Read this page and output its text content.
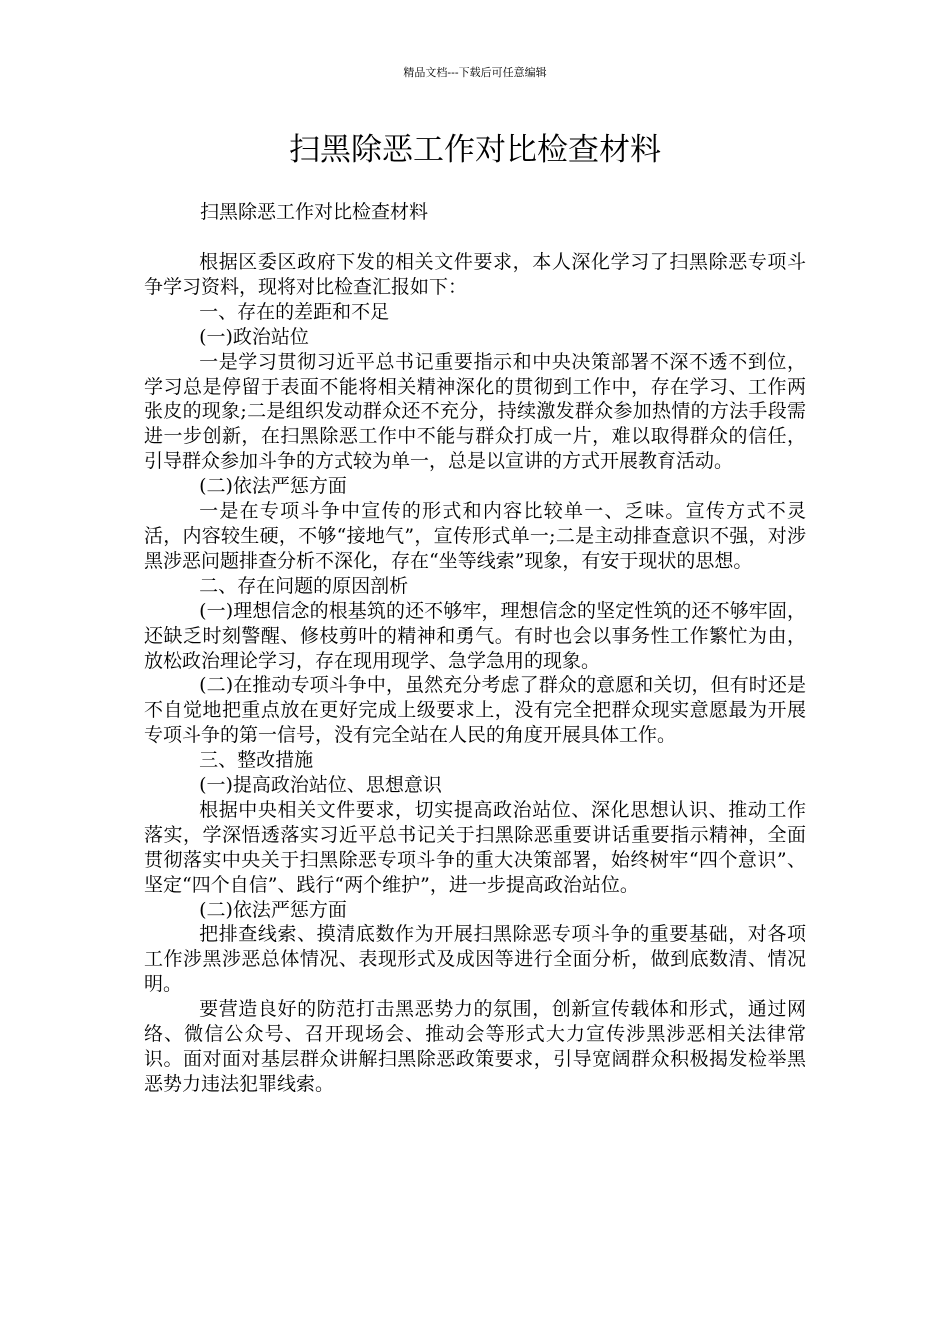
精品文档---下载后可任意编辑
扫黑除恶工作对比检查材料
扫黑除恶工作对比检查材料

根据区委区政府下发的相关文件要求，本人深化学习了扫黑除恶专项斗争学习资料，现将对比检查汇报如下：

一、存在的差距和不足

(一)政治站位

一是学习贯彻习近平总书记重要指示和中央决策部署不深不透不到位，学习总是停留于表面不能将相关精神深化的贯彻到工作中，存在学习、工作两张皮的现象;二是组织发动群众还不充分，持续激发群众参加热情的方法手段需进一步创新，在扫黑除恶工作中不能与群众打成一片，难以取得群众的信任，引导群众参加斗争的方式较为单一，总是以宣讲的方式开展教育活动。

(二)依法严惩方面

一是在专项斗争中宣传的形式和内容比较单一、乏味。宣传方式不灵活，内容较生硬，不够“接地气”，宣传形式单一;二是主动排查意识不强，对涉黑涉恶问题排查分析不深化，存在“坐等线索”现象，有安于现状的思想。

二、存在问题的原因剖析

(一)理想信念的根基筑的还不够牢，理想信念的坚定性筑的还不够牢固，还缺乏时刻警醒、修枝剪叶的精神和勇气。有时也会以事务性工作繁忙为由，放松政治理论学习，存在现用现学、急学急用的现象。

(二)在推动专项斗争中，虽然充分考虑了群众的意愿和关切，但有时还是不自觉地把重点放在更好完成上级要求上，没有完全把群众现实意愿最为开展专项斗争的第一信号，没有完全站在人民的角度开展具体工作。

三、整改措施

(一)提高政治站位、思想意识

根据中央相关文件要求，切实提高政治站位、深化思想认识、推动工作落实，学深悟透落实习近平总书记关于扫黑除恶重要讲话重要指示精神，全面贯彻落实中央关于扫黑除恶专项斗争的重大决策部署，始终树牢“四个意识”、坚定“四个自信”、践行“两个维护”，进一步提高政治站位。

(二)依法严惩方面

把排查线索、摸清底数作为开展扫黑除恶专项斗争的重要基础，对各项工作涉黑涉恶总体情况、表现形式及成因等进行全面分析，做到底数清、情况明。

要营造良好的防范打击黑恶势力的氛围，创新宣传载体和形式，通过网络、微信公众号、召开现场会、推动会等形式大力宣传涉黑涉恶相关法律常识。面对面对基层群众讲解扫黑除恶政策要求，引导宽阔群众积极揭发检举黑恶势力违法犯罪线索。
